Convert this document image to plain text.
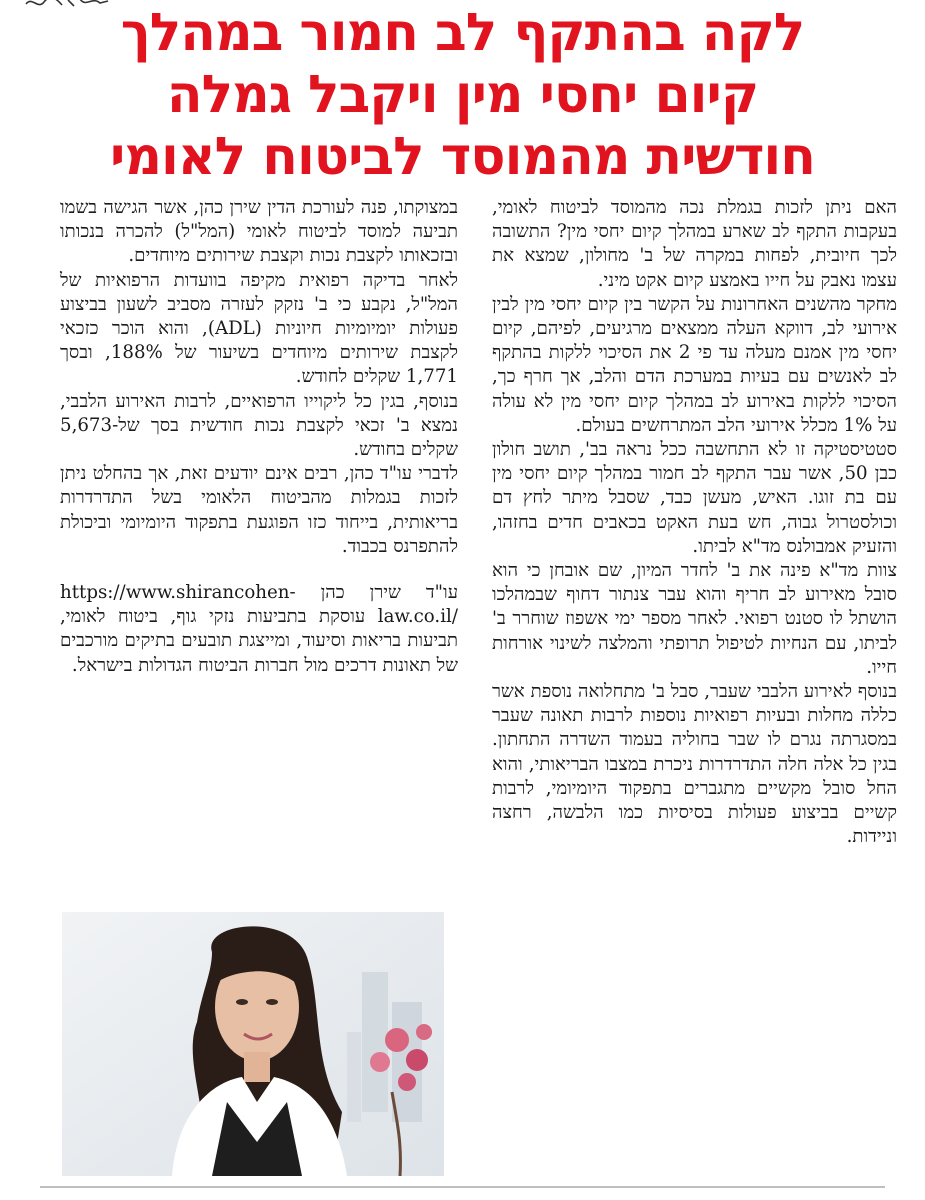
לקה בהתקף לב חמור במהלך
קיום יחסי מין ויקבל גמלה
חודשית מהמוסד לביטוח לאומי

האם ניתן לזכות בגמלת נכה מהמוסד לביטוח לאומי, בעקבות התקף לב שארע במהלך קיום יחסי מין? התשובה לכך חיובית, לפחות במקרה של ב' מחולון, שמצא את עצמו נאבק על חייו באמצע קיום אקט מיני.

מחקר מהשנים האחרונות על הקשר בין קיום יחסי מין לבין אירועי לב, דווקא העלה ממצאים מרגיעים, לפיהם, קיום יחסי מין אמנם מעלה עד פי 2 את הסיכוי ללקות בהתקף לב לאנשים עם בעיות במערכת הדם והלב, אך חרף כך, הסיכוי ללקות באירוע לב במהלך קיום יחסי מין לא עולה על 1% מכלל אירועי הלב המתרחשים בעולם.

סטטיסטיקה זו לא התחשבה ככל נראה בב', תושב חולון כבן 50, אשר עבר התקף לב חמור במהלך קיום יחסי מין עם בת זוגו. האיש, מעשן כבד, שסבל מיתר לחץ דם וכולסטרול גבוה, חש בעת האקט בכאבים חדים בחזהו, והזעיק אמבולנס מד"א לביתו.

צוות מד"א פינה את ב' לחדר המיון, שם אובחן כי הוא סובל מאירוע לב חריף והוא עבר צנתור דחוף שבמהלכו הושתל לו סטנט רפואי. לאחר מספר ימי אשפוז שוחרר ב' לביתו, עם הנחיות לטיפול תרופתי והמלצה לשינוי אורחות חייו.

בנוסף לאירוע הלבבי שעבר, סבל ב' מתחלואה נוספת אשר כללה מחלות ובעיות רפואיות נוספות לרבות תאונה שעבר במסגרתה נגרם לו שבר בחוליה בעמוד השדרה התחתון. בגין כל אלה חלה התדרדרות ניכרת במצבו הבריאותי, והוא החל סובל מקשיים מתגברים בתפקוד היומיומי, לרבות קשיים בביצוע פעולות בסיסיות כמו הלבשה, רחצה וניידות.

במצוקתו, פנה לעורכת הדין שירן כהן, אשר הגישה בשמו תביעה למוסד לביטוח לאומי (המל"ל) להכרה בנכותו ובזכאותו לקצבת נכות וקצבת שירותים מיוחדים.

לאחר בדיקה רפואית מקיפה בוועדות הרפואיות של המל"ל, נקבע כי ב' נזקק לעזרה מסביב לשעון בביצוע פעולות יומיומיות חיוניות (ADL), והוא הוכר כזכאי לקצבת שירותים מיוחדים בשיעור של 188%, ובסך 1,771 שקלים לחודש.

בנוסף, בגין כל ליקוייו הרפואיים, לרבות האירוע הלבבי, נמצא ב' זכאי לקצבת נכות חודשית בסך של-5,673 שקלים בחודש.

לדברי עו"ד כהן, רבים אינם יודעים זאת, אך בהחלט ניתן לזכות בגמלות מהביטוח הלאומי בשל התדרדרות בריאותית, בייחוד כזו הפוגעת בתפקוד היומיומי וביכולת להתפרנס בכבוד.

עו"ד שירן כהן https://www.shirancohen-law.co.il/ עוסקת בתביעות נזקי גוף, ביטוח לאומי, תביעות בריאות וסיעוד, ומייצגת תובעים בתיקים מורכבים של תאונות דרכים מול חברות הביטוח הגדולות בישראל.
